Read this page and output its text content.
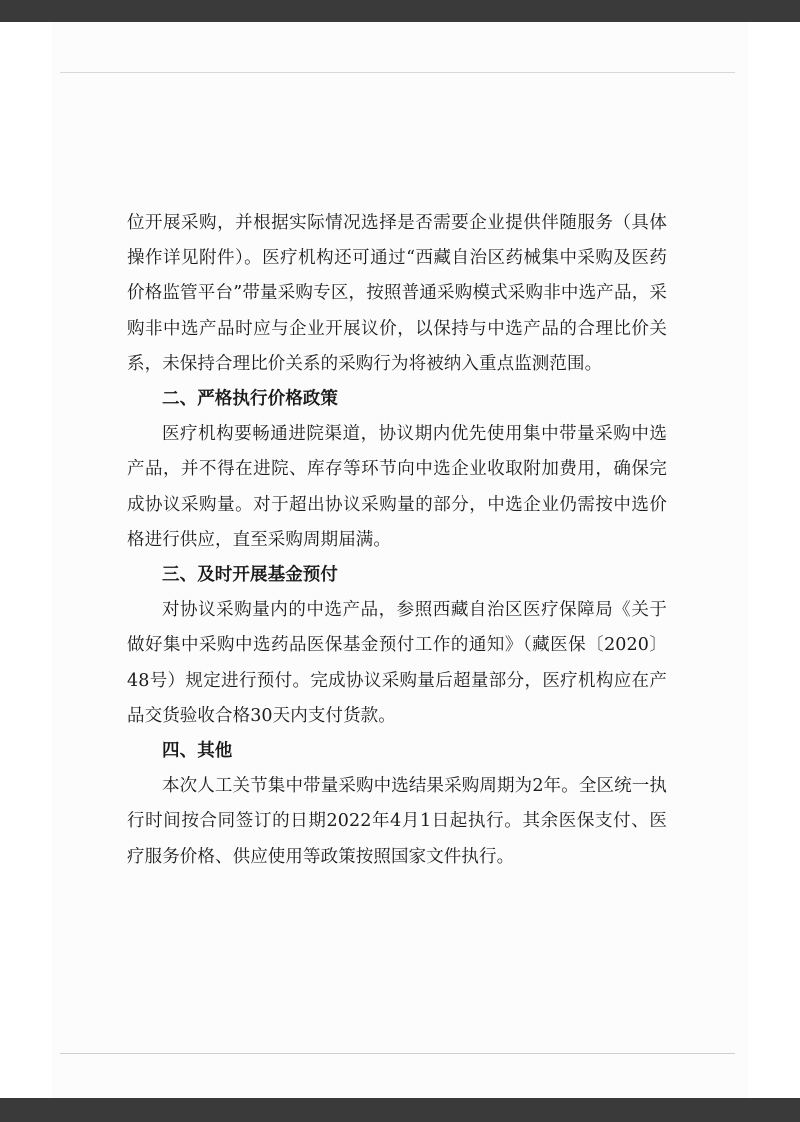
位开展采购，并根据实际情况选择是否需要企业提供伴随服务（具体操作详见附件）。医疗机构还可通过“西藏自治区药械集中采购及医药价格监管平台”带量采购专区，按照普通采购模式采购非中选产品，采购非中选产品时应与企业开展议价，以保持与中选产品的合理比价关系，未保持合理比价关系的采购行为将被纳入重点监测范围。

二、严格执行价格政策

医疗机构要畅通进院渠道，协议期内优先使用集中带量采购中选产品，并不得在进院、库存等环节向中选企业收取附加费用，确保完成协议采购量。对于超出协议采购量的部分，中选企业仍需按中选价格进行供应，直至采购周期届满。

三、及时开展基金预付

对协议采购量内的中选产品，参照西藏自治区医疗保障局《关于做好集中采购中选药品医保基金预付工作的通知》（藏医保〔2020〕48号）规定进行预付。完成协议采购量后超量部分，医疗机构应在产品交货验收合格30天内支付货款。

四、其他

本次人工关节集中带量采购中选结果采购周期为2年。全区统一执行时间按合同签订的日期2022年4月1日起执行。其余医保支付、医疗服务价格、供应使用等政策按照国家文件执行。
